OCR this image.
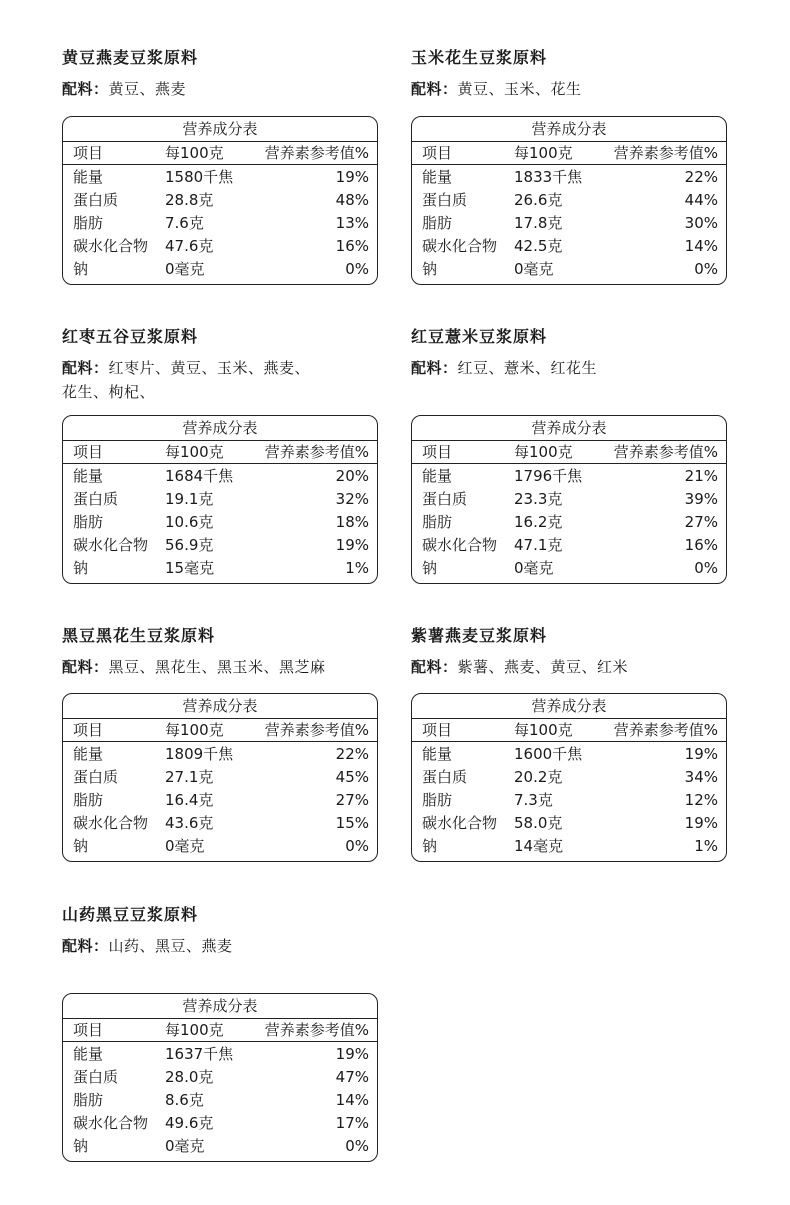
黄豆燕麦豆浆原料
配料：黄豆、燕麦
营养成分表
项目	每100克	营养素参考值%
能量	1580千焦	19%
蛋白质	28.8克	48%
脂肪	7.6克	13%
碳水化合物 47.6克	16%
钠	0毫克	0%
玉米花生豆浆原料
配料：黄豆、玉米、花生
营养成分表
项目	每100克	营养素参考值%
能量	1833千焦	22%
蛋白质	26.6克	44%
脂肪	17.8克	30%
碳水化合物 42.5克	14%
钠	0毫克	0%
红枣五谷豆浆原料
配料：红枣片、黄豆、玉米、燕麦、
花生、枸杞、
营养成分表
项目	每100克	营养素参考值%
能量	1684千焦	20%
蛋白质	19.1克	32%
脂肪	10.6克	18%
碳水化合物 56.9克	19%
钠	15毫克	1%
红豆薏米豆浆原料
配料：红豆、薏米、红花生
营养成分表
项目	每100克	营养素参考值%
能量	1796千焦	21%
蛋白质	23.3克	39%
脂肪	16.2克	27%
碳水化合物 47.1克	16%
钠	0毫克	0%
黑豆黑花生豆浆原料
配料：黑豆、黑花生、黑玉米、黑芝麻
营养成分表
项目	每100克	营养素参考值%
能量	1809千焦	22%
蛋白质	27.1克	45%
脂肪	16.4克	27%
碳水化合物 43.6克	15%
钠	0毫克	0%
紫薯燕麦豆浆原料
配料：紫薯、燕麦、黄豆、红米
营养成分表
项目	每100克	营养素参考值%
能量	1600千焦	19%
蛋白质	20.2克	34%
脂肪	7.3克	12%
碳水化合物 58.0克	19%
钠	14毫克	1%
山药黑豆豆浆原料
配料：山药、黑豆、燕麦
营养成分表
项目	每100克	营养素参考值%
能量	1637千焦	19%
蛋白质	28.0克	47%
脂肪	8.6克	14%
碳水化合物 49.6克	17%
钠	0毫克	0%
